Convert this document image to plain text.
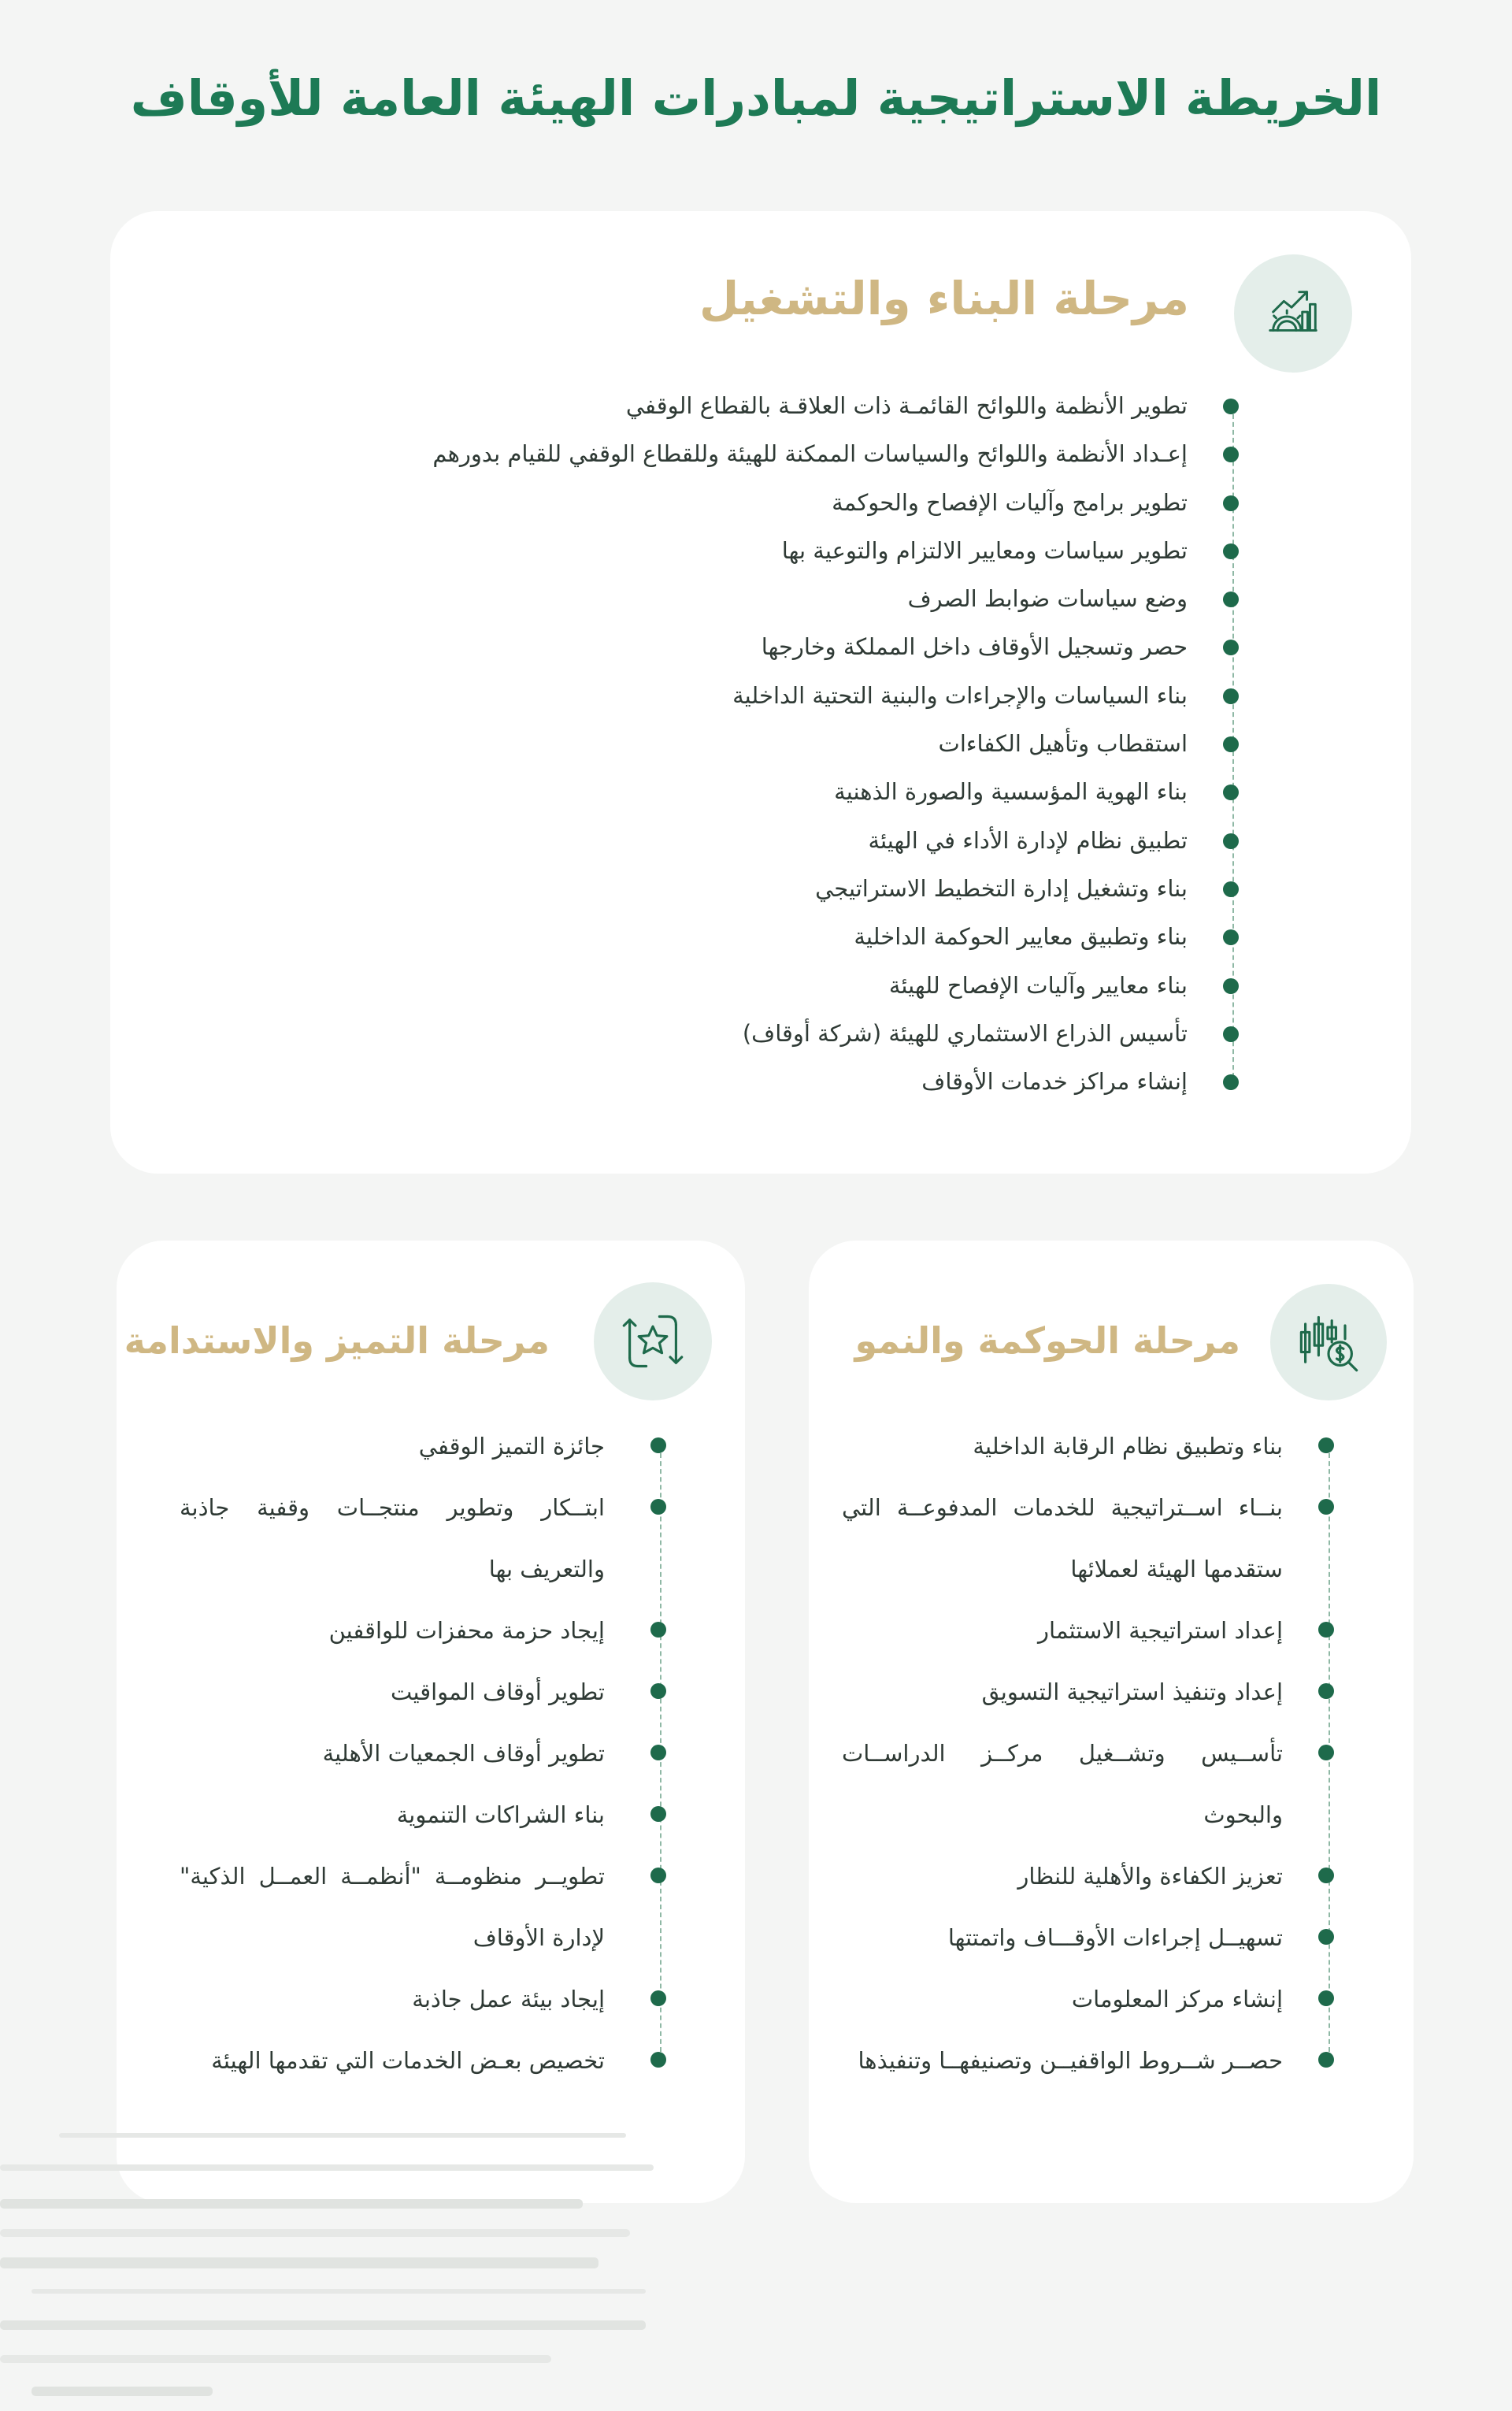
الخريطة الاستراتيجية لمبادرات الهيئة العامة للأوقاف
مرحلة البناء والتشغيل
تطوير الأنظمة واللوائح القائمـة ذات العلاقـة بالقطاع الوقفي
إعـداد الأنظمة واللوائح والسياسات الممكنة للهيئة وللقطاع الوقفي للقيام بدورهم
تطوير برامج وآليات الإفصاح والحوكمة
تطوير سياسات ومعايير الالتزام والتوعية بها
وضع سياسات ضوابط الصرف
حصر وتسجيل الأوقاف داخل المملكة وخارجها
بناء السياسات والإجراءات والبنية التحتية الداخلية
استقطاب وتأهيل الكفاءات
بناء الهوية المؤسسية والصورة الذهنية
تطبيق نظام لإدارة الأداء في الهيئة
بناء وتشغيل إدارة التخطيط الاستراتيجي
بناء وتطبيق معايير الحوكمة الداخلية
بناء معايير وآليات الإفصاح للهيئة
تأسيس الذراع الاستثماري للهيئة (شركة أوقاف)
إنشاء مراكز خدمات الأوقاف
مرحلة الحوكمة والنمو
بناء وتطبيق نظام الرقابة الداخلية
بنــاء اســتراتيجية للخدمات المدفوعــة التي ستقدمها الهيئة لعملائها
إعداد استراتيجية الاستثمار
إعداد وتنفيذ استراتيجية التسويق
تأســيس وتشــغيل مركــز الدراســات والبحوث
تعزيز الكفاءة والأهلية للنظار
تسهيــل إجراءات الأوقـــاف واتمتتها
إنشاء مركز المعلومات
حصــر شــروط الواقفيــن وتصنيفهــا وتنفيذها
مرحلة التميز والاستدامة
جائزة التميز الوقفي
ابتــكار وتطوير منتجــات وقفية جاذبة والتعريف بها
إيجاد حزمة محفزات للواقفين
تطوير أوقاف المواقيت
تطوير أوقاف الجمعيات الأهلية
بناء الشراكات التنموية
تطويــر منظومــة "أنظمــة العمــل الذكية" لإدارة الأوقاف
إيجاد بيئة عمل جاذبة
تخصيص بعـض الخدمات التي تقدمها الهيئة
